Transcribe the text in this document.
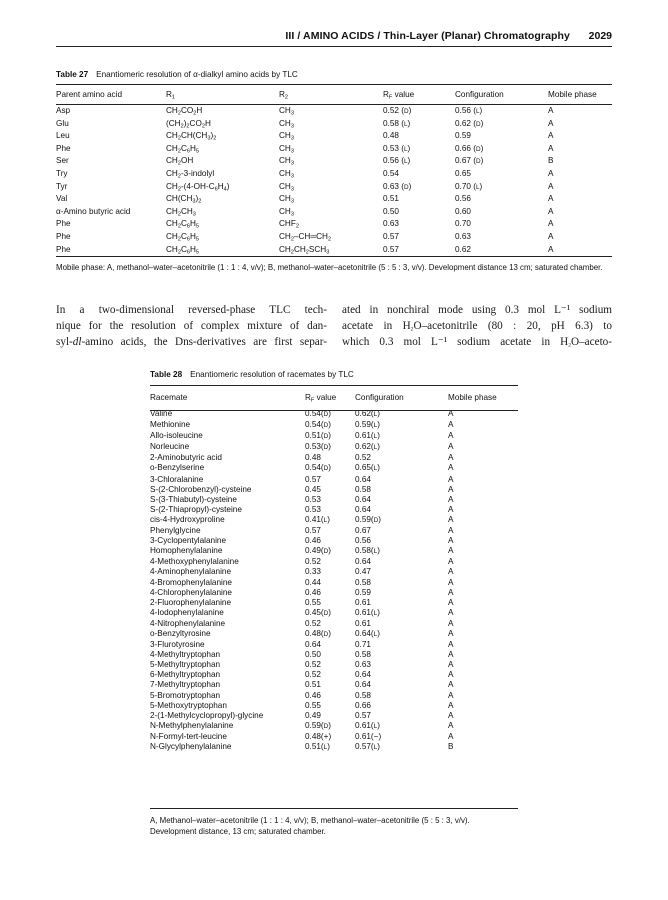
III / AMINO ACIDS / Thin-Layer (Planar) Chromatography 2029
Table 27 Enantiomeric resolution of α-dialkyl amino acids by TLC
Parent amino acid	$R_1$	$R_2$	$R_F$ value	Configuration	Mobile phase
Asp	$CH_2CO_2H$	$CH_3$	0.52 (D)	0.56 (L)	A
Glu	$(CH_2)_2CO_2H$	$CH_3$	0.58 (L)	0.62 (D)	A
Leu	$CH_2CH(CH_3)_2$	$CH_3$	0.48	0.59	A
Phe	$CH_2C_6H_5$	$CH_3$	0.53 (L)	0.66 (D)	A
Ser	$CH_2OH$	$CH_3$	0.56 (L)	0.67 (D)	B
Try	$CH_2-3$-indolyl	$CH_3$	0.54	0.65	A
Tyr	$CH_2-(4-OH-C_6H_4)$	$CH_3$	0.63 (D)	0.70 (L)	A
Val	$CH(CH_3)_2$	$CH_3$	0.51	0.56	A
α-Amino butyric acid	$CH_2CH_3$	$CH_3$	0.50	0.60	A
Phe	$CH_2C_6H_5$	$CHF_2$	0.63	0.70	A
Phe	$CH_2C_6H_5$	$CH_2-CH═CH_2$	0.57	0.63	A
Phe	$CH_2C_6H_5$	$CH_2CH_2SCH_3$	0.57	0.62	A
Mobile phase: A, methanol–water–acetonitrile (1 : 1 : 4, v/v); B, methanol–water–acetonitrile (5 : 5 : 3, v/v). Development distance 13 cm; saturated chamber.
In a two-dimensional reversed-phase TLC tech-
nique for the resolution of complex mixture of dan-
syl-dl-amino acids, the Dns-derivatives are first separ-
ated in nonchiral mode using 0.3 mol L⁻¹ sodium
acetate in $H_2O$–acetonitrile (80 : 20, pH 6.3) to
which 0.3 mol L⁻¹ sodium acetate in $H_2O-aceto-$
Table 28 Enantiomeric resolution of racemates by TLC
Racemate	$R_F$ value	Configuration	Mobile phase
Valine	0.54(D)	0.62(L)	A
Methionine	0.54(D)	0.59(L)	A
Allo-isoleucine	0.51(D)	0.61(L)	A
Norleucine	0.53(D)	0.62(L)	A
2-Aminobutyric acid	0.48	0.52	A
o-Benzylserine	0.54(D)	0.65(L)	A
3-Chloralanine	0.57	0.64	A
S-(2-Chlorobenzyl)-cysteine	0.45	0.58	A
S-(3-Thiabutyl)-cysteine	0.53	0.64	A
S-(2-Thiapropyl)-cysteine	0.53	0.64	A
cis-4-Hydroxyproline	0.41(L)	0.59(D)	A
Phenylglycine	0.57	0.67	A
3-Cyclopentylalanine	0.46	0.56	A
Homophenylalanine	0.49(D)	0.58(L)	A
4-Methoxyphenylalanine	0.52	0.64	A
4-Aminophenylalanine	0.33	0.47	A
4-Bromophenylalanine	0.44	0.58	A
4-Chlorophenylalanine	0.46	0.59	A
2-Fluorophenylalanine	0.55	0.61	A
4-Iodophenylalanine	0.45(D)	0.61(L)	A
4-Nitrophenylalanine	0.52	0.61	A
o-Benzyltyrosine	0.48(D)	0.64(L)	A
3-Flurotyrosine	0.64	0.71	A
4-Methyltryptophan	0.50	0.58	A
5-Methyltryptophan	0.52	0.63	A
6-Methyltryptophan	0.52	0.64	A
7-Methyltryptophan	0.51	0.64	A
5-Bromotryptophan	0.46	0.58	A
5-Methoxytryptophan	0.55	0.66	A
2-(1-Methylcyclopropyl)-glycine	0.49	0.57	A
N-Methylphenylalanine	0.59(D)	0.61(L)	A
N-Formyl-tert-leucine	0.48(+)	0.61(−)	A
N-Glycylphenylalanine	0.51(L)	0.57(L)	B
A, Methanol–water–acetonitrile (1 : 1 : 4, v/v); B, methanol–water–acetonitrile (5 : 5 : 3, v/v). Development distance, 13 cm; saturated chamber.
